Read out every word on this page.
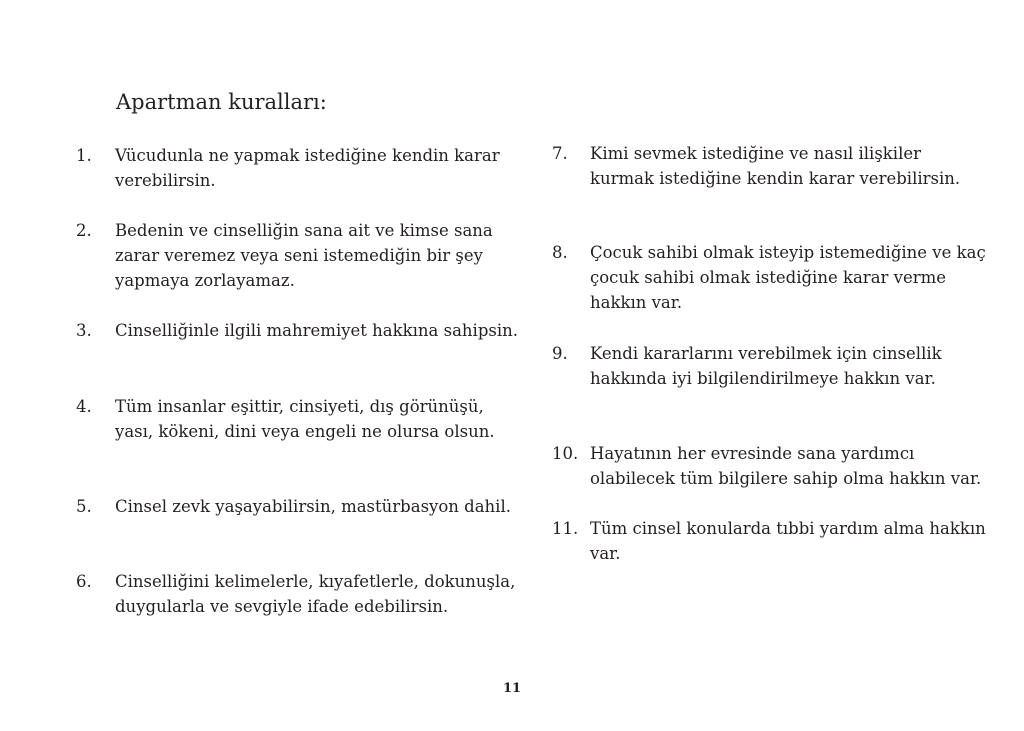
Apartman kuralları:
1. Vücudunla ne yapmak istediğine kendin karar verebilirsin.
2. Bedenin ve cinselliğin sana ait ve kimse sana zarar veremez veya seni istemediğin bir şey yapmaya zorlayamaz.
3. Cinselliğinle ilgili mahremiyet hakkına sahipsin.
4. Tüm insanlar eşittir, cinsiyeti, dış görünüşü, yası, kökeni, dini veya engeli ne olursa olsun.
5. Cinsel zevk yaşayabilirsin, mastürbasyon dahil.
6. Cinselliğini kelimelerle, kıyafetlerle, dokunuşla, duygularla ve sevgiyle ifade edebilirsin.
7. Kimi sevmek istediğine ve nasıl ilişkiler kurmak istediğine kendin karar verebilirsin.
8. Çocuk sahibi olmak isteyip istemediğine ve kaç çocuk sahibi olmak istediğine karar verme hakkın var.
9. Kendi kararlarını verebilmek için cinsellik hakkında iyi bilgilendirilmeye hakkın var.
10. Hayatının her evresinde sana yardımcı olabilecek tüm bilgilere sahip olma hakkın var.
11. Tüm cinsel konularda tıbbi yardım alma hakkın var.
11
